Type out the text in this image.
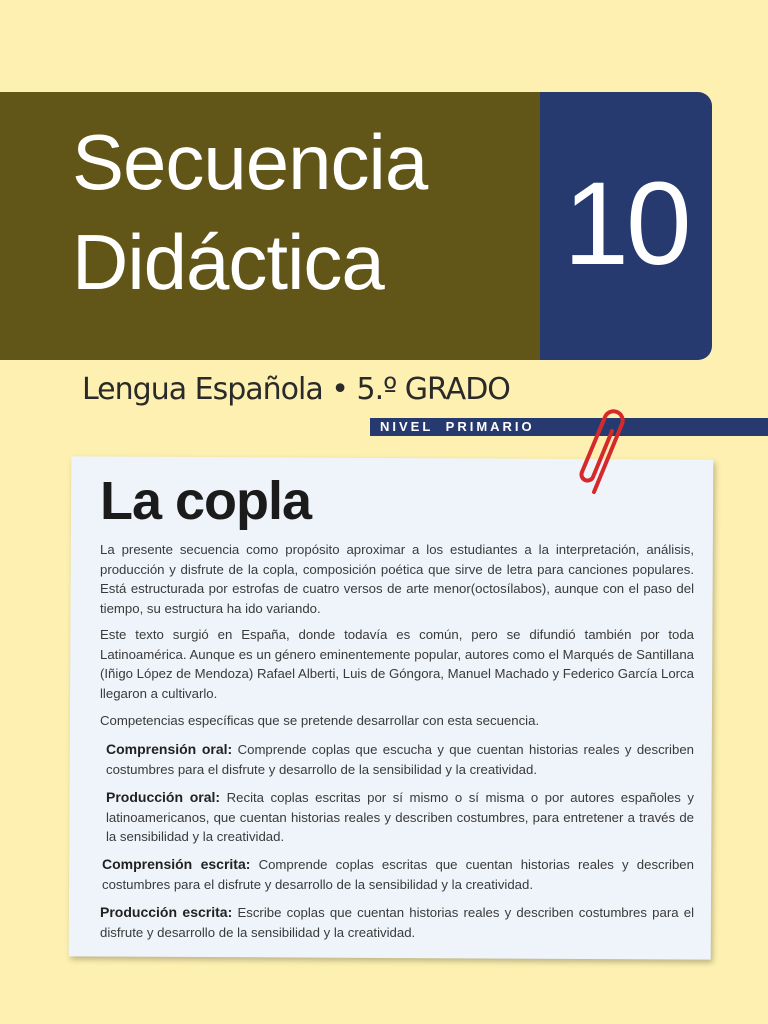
Secuencia
Didáctica	10
Lengua Española • 5.º GRADO
NIVEL PRIMARIO
La copla

La presente secuencia como propósito aproximar a los estudiantes a la interpretación, análisis, producción y disfrute de la copla, composición poética que sirve de letra para canciones populares. Está estructurada por estrofas de cuatro versos de arte menor(octosílabos), aunque con el paso del tiempo, su estructura ha ido variando.

Este texto surgió en España, donde todavía es común, pero se difundió también por toda Latinoamérica. Aunque es un género eminentemente popular, autores como el Marqués de Santillana (Iñigo López de Mendoza) Rafael Alberti, Luis de Góngora, Manuel Machado y Federico García Lorca llegaron a cultivarlo.

Competencias específicas que se pretende desarrollar con esta secuencia.

Comprensión oral: Comprende coplas que escucha y que cuentan historias reales y describen costumbres para el disfrute y desarrollo de la sensibilidad y la creatividad.

Producción oral: Recita coplas escritas por sí mismo o sí misma o por autores españoles y latinoamericanos, que cuentan historias reales y describen costumbres, para entretener a través de la sensibilidad y la creatividad.

Comprensión escrita: Comprende coplas escritas que cuentan historias reales y describen costumbres para el disfrute y desarrollo de la sensibilidad y la creatividad.

Producción escrita: Escribe coplas que cuentan historias reales y describen costumbres para el disfrute y desarrollo de la sensibilidad y la creatividad.
